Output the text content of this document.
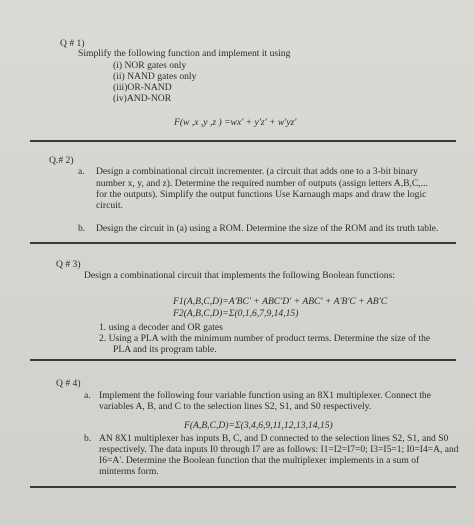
Q # 1)
Simplify the following function and implement it using
(i) NOR gates only
(ii) NAND gates only
(iii)OR-NAND
(iv)AND-NOR
F(w ,x ,y ,z ) =wx' + y'z' + w'yz'
Q.# 2)
a. Design a combinational circuit incrementer. (a circuit that adds one to a 3-bit binary
number x, y, and z). Determine the required number of outputs (assign letters A,B,C,...
for the outputs). Simplify the output functions Use Karnaugh maps and draw the logic
circuit.
b. Design the circuit in (a) using a ROM. Determine the size of the ROM and its truth table.
Q # 3)
Design a combinational circuit that implements the following Boolean functions:
F1(A,B,C,D)=A'BC' + ABC'D' + ABC' + A'B'C + AB'C
F2(A,B,C,D)=Σ(0,1,6,7,9,14,15)
1. using a decoder and OR gates
2. Using a PLA with the minimum number of product terms. Determine the size of the
PLA and its program table.
Q # 4)
a. Implement the following four variable function using an 8X1 multiplexer. Connect the
variables A, B, and C to the selection lines S2, S1, and S0 respectively.
F(A,B,C,D)=Σ(3,4,6,9,11,12,13,14,15)
b. AN 8X1 multiplexer has inputs B, C, and D connected to the selection lines S2, S1, and S0
respectively. The data inputs I0 through I7 are as follows: I1=I2=I7=0; I3=I5=1; I0=I4=A, and
I6=A'. Determine the Boolean function that the multiplexer implements in a sum of
minterms form.
